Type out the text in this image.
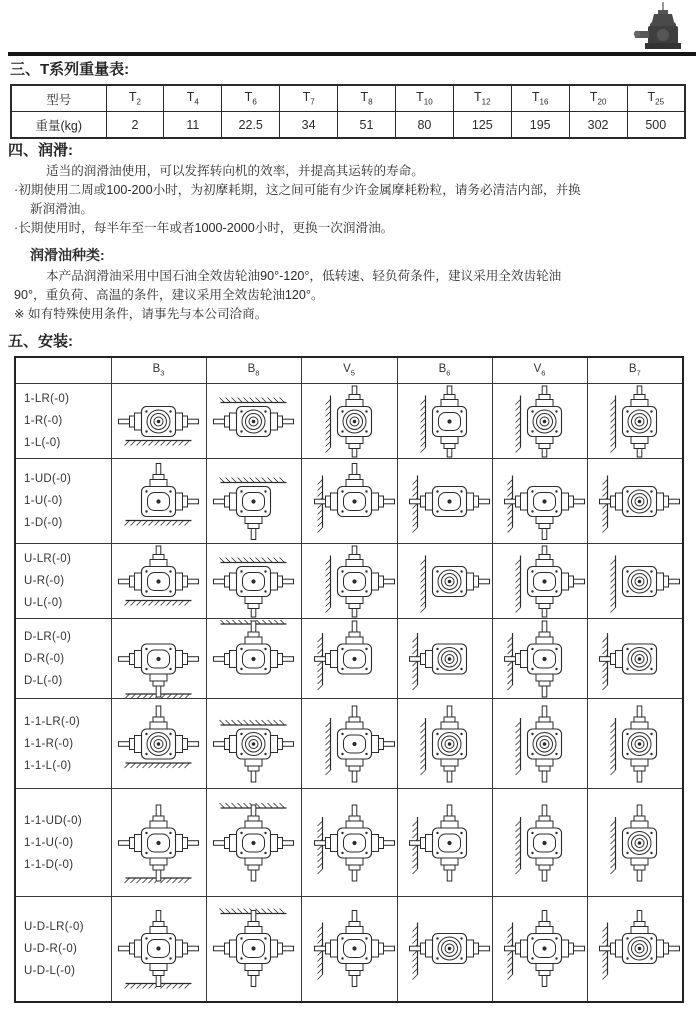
三、T系列重量表:
型号	$T_2$	$T_4$	$T_6$	$T_7$	$T_8$	$T_{10}$	$T_{12}$	$T_{16}$	$T_{20}$	$T_{25}$
重量(kg)	2	11	22.5	34	51	80	125	195	302	500
四、润滑:
适当的润滑油使用，可以发挥转向机的效率，并提高其运转的寿命。
·初期使用二周或100-200小时，为初摩耗期，这之间可能有少许金属摩耗粉粒，请务必清洁内部，并换
新润滑油。
·长期使用时，每半年至一年或者1000-2000小时，更换一次润滑油。
润滑油种类:
本产品润滑油采用中国石油全效齿轮油90°-120°，低转速、轻负荷条件，建议采用全效齿轮油
90°，重负荷、高温的条件，建议采用全效齿轮油120°。
※ 如有特殊使用条件，请事先与本公司洽商。
五、安装:
	$B_3$	$B_8$	$V_5$	$B_6$	$V_6$	$B_7$

1-LR(-0)
1-R(-0)
1-L(-0)

1-UD(-0)
1-U(-0)
1-D(-0)

U-LR(-0)
U-R(-0)
U-L(-0)

D-LR(-0)
D-R(-0)
D-L(-0)

1-1-LR(-0)
1-1-R(-0)
1-1-L(-0)

1-1-UD(-0)
1-1-U(-0)
1-1-D(-0)

U-D-LR(-0)
U-D-R(-0)
U-D-L(-0)
